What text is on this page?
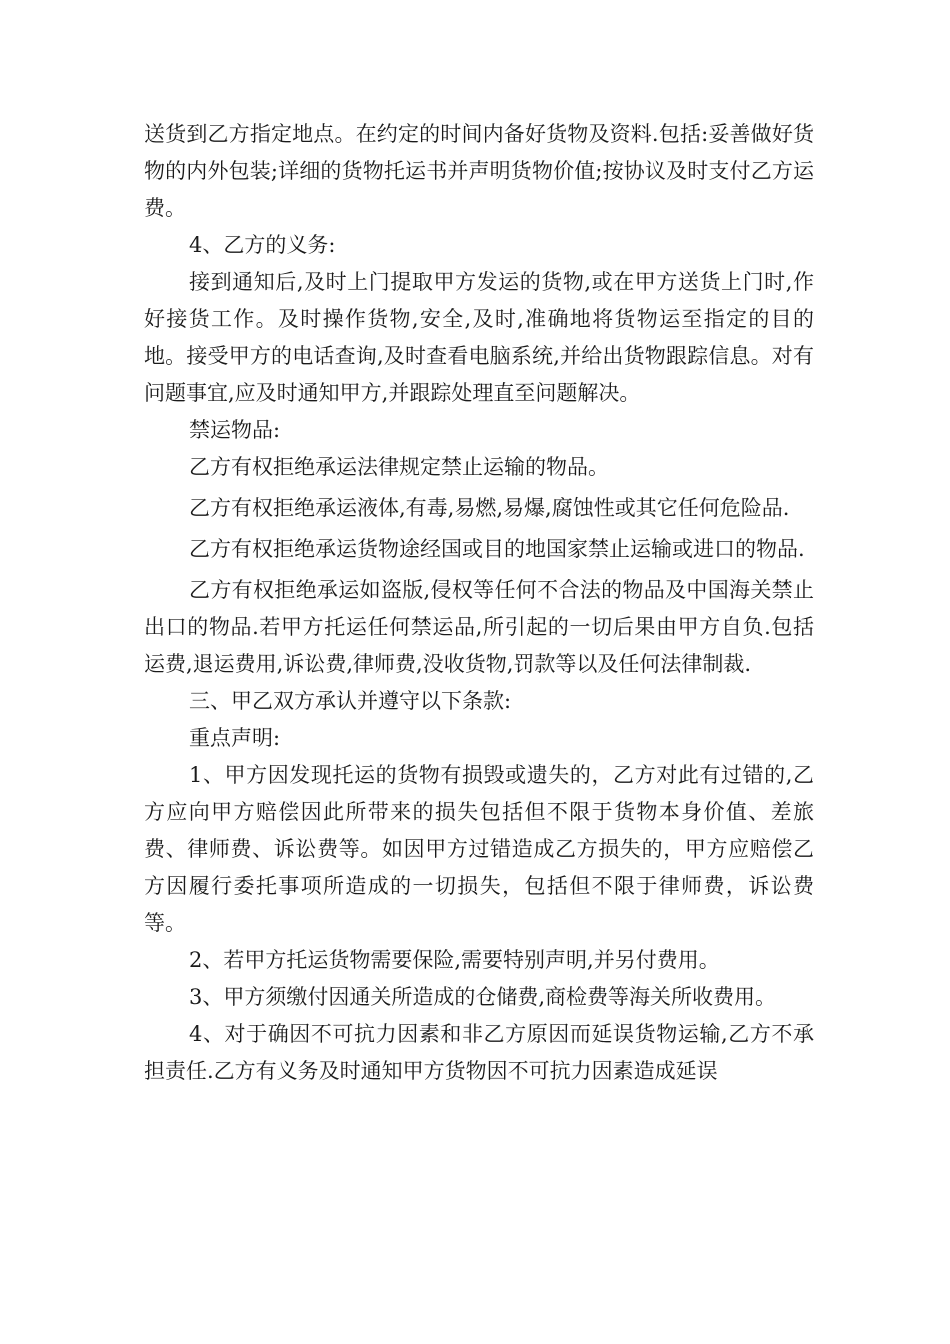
送货到乙方指定地点。在约定的时间内备好货物及资料.包括:妥善做好货物的内外包装;详细的货物托运书并声明货物价值;按协议及时支付乙方运费。

4、乙方的义务:

接到通知后,及时上门提取甲方发运的货物,或在甲方送货上门时,作好接货工作。及时操作货物,安全,及时,准确地将货物运至指定的目的地。接受甲方的电话查询,及时查看电脑系统,并给出货物跟踪信息。对有问题事宜,应及时通知甲方,并跟踪处理直至问题解决。

禁运物品:

乙方有权拒绝承运法律规定禁止运输的物品。

乙方有权拒绝承运液体,有毒,易燃,易爆,腐蚀性或其它任何危险品.

乙方有权拒绝承运货物途经国或目的地国家禁止运输或进口的物品.

乙方有权拒绝承运如盗版,侵权等任何不合法的物品及中国海关禁止出口的物品.若甲方托运任何禁运品,所引起的一切后果由甲方自负.包括运费,退运费用,诉讼费,律师费,没收货物,罚款等以及任何法律制裁.

三、甲乙双方承认并遵守以下条款:

重点声明:

1、甲方因发现托运的货物有损毁或遗失的，乙方对此有过错的,乙方应向甲方赔偿因此所带来的损失包括但不限于货物本身价值、差旅费、律师费、诉讼费等。如因甲方过错造成乙方损失的，甲方应赔偿乙方因履行委托事项所造成的一切损失，包括但不限于律师费，诉讼费等。

2、若甲方托运货物需要保险,需要特别声明,并另付费用。

3、甲方须缴付因通关所造成的仓储费,商检费等海关所收费用。

4、对于确因不可抗力因素和非乙方原因而延误货物运输,乙方不承担责任.乙方有义务及时通知甲方货物因不可抗力因素造成延误
